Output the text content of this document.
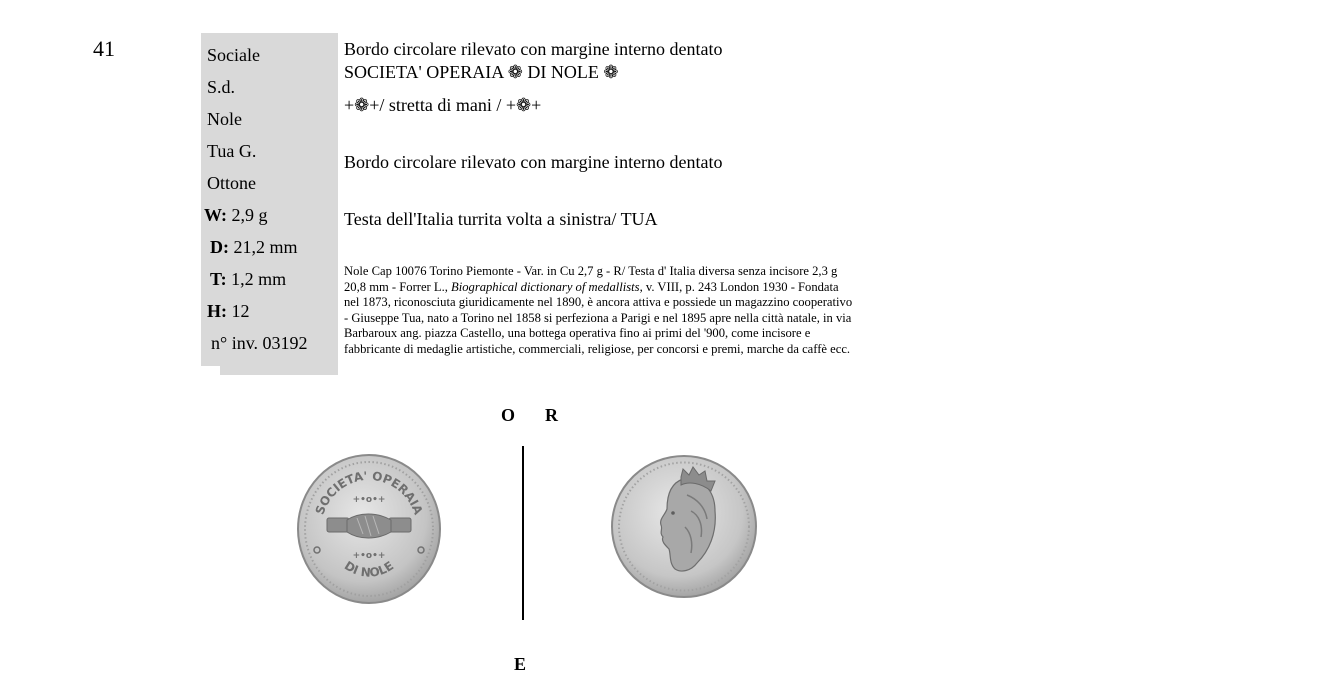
41	Sociale
S.d.
Nole
Tua G.
Ottone
W: 2,9 g
D: 21,2 mm
T: 1,2 mm
H: 12
n° inv. 03192
Bordo circolare rilevato con margine interno dentato
SOCIETA' OPERAIA ❁ DI NOLE ❁
+❁+/ stretta di mani / +❁+
Bordo circolare rilevato con margine interno dentato
Testa dell'Italia turrita volta a sinistra/ TUA
Nole Cap 10076 Torino Piemonte - Var. in Cu 2,7 g - R/ Testa d' Italia diversa senza incisore 2,3 g 20,8 mm - Forrer L., Biographical dictionary of medallists, v. VIII, p. 243 London 1930 - Fondata nel 1873, riconosciuta giuridicamente nel 1890, è ancora attiva e possiede un magazzino cooperativo - Giuseppe Tua, nato a Torino nel 1858 si perfeziona a Parigi e nel 1895 apre nella città natale, in via Barbaroux ang. piazza Castello, una bottega operativa fino ai primi del '900, come incisore e fabbricante di medaglie artistiche, commerciali, religiose, per concorsi e premi, marche da caffè ecc.
O R
E
SOCIETA' OPERAIA
+•o•+
+•o•+
DI NOLE
